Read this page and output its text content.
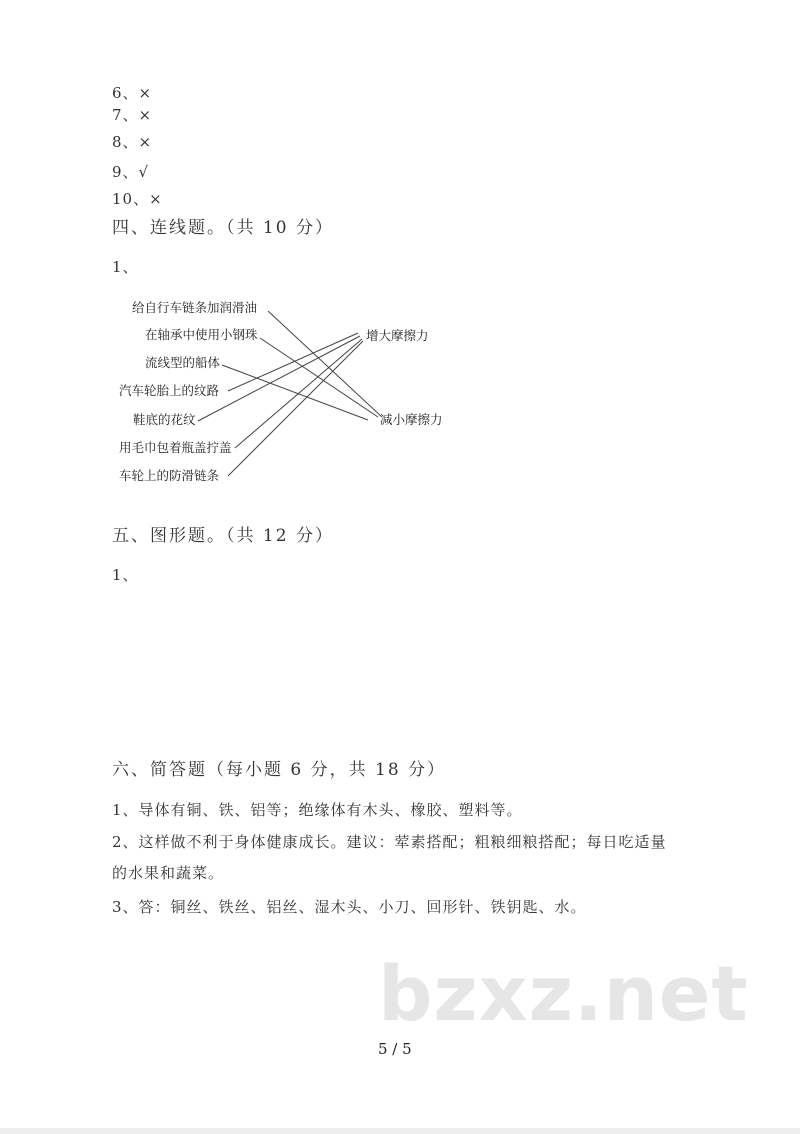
6、×
7、×
8、×
9、√
10、×
四、连线题。（共 10 分）
1、
给自行车链条加润滑油
在轴承中使用小钢珠
流线型的船体
汽车轮胎上的纹路
鞋底的花纹
用毛巾包着瓶盖拧盖
车轮上的防滑链条
增大摩擦力
减小摩擦力
五、图形题。（共 12 分）
1、
六、简答题（每小题 6 分，共 18 分）
1、导体有铜、铁、铝等；绝缘体有木头、橡胶、塑料等。
2、这样做不利于身体健康成长。建议：荤素搭配；粗粮细粮搭配；每日吃适量
的水果和蔬菜。
3、答：铜丝、铁丝、铝丝、湿木头、小刀、回形针、铁钥匙、水。
bzxz.net
5 / 5
